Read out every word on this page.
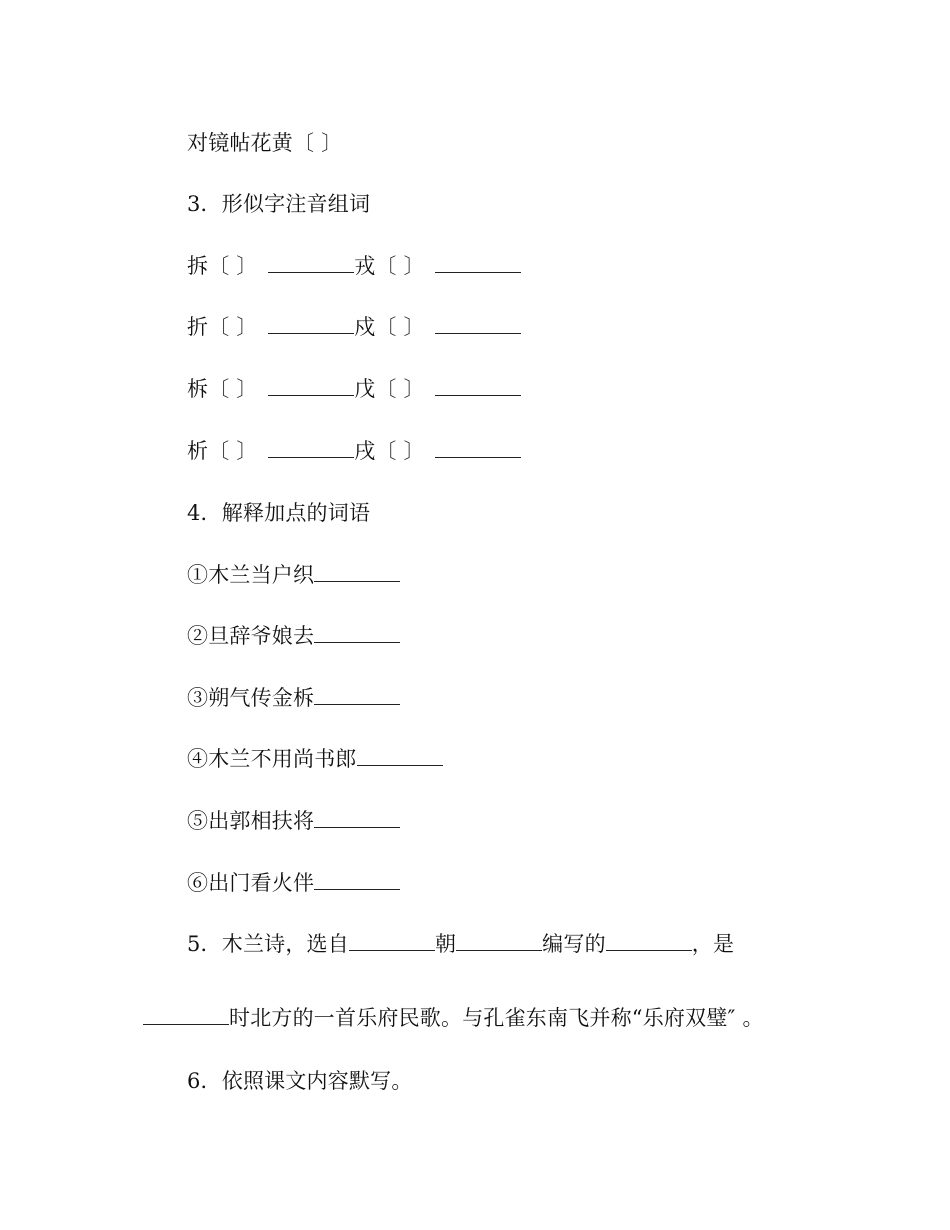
对镜帖花黄〔 〕
3．形似字注音组词
拆〔 〕	戎〔 〕
折〔 〕	戍〔 〕
柝〔 〕	戊〔 〕
析〔 〕	戌〔 〕
4．解释加点的词语
①木兰当户织
②旦辞爷娘去
③朔气传金柝
④木兰不用尚书郎
⑤出郭相扶将
⑥出门看火伴
5．木兰诗，选自	朝	编写的	，是
时北方的一首乐府民歌。与孔雀东南飞并称“乐府双璧″ 。
6．依照课文内容默写。
